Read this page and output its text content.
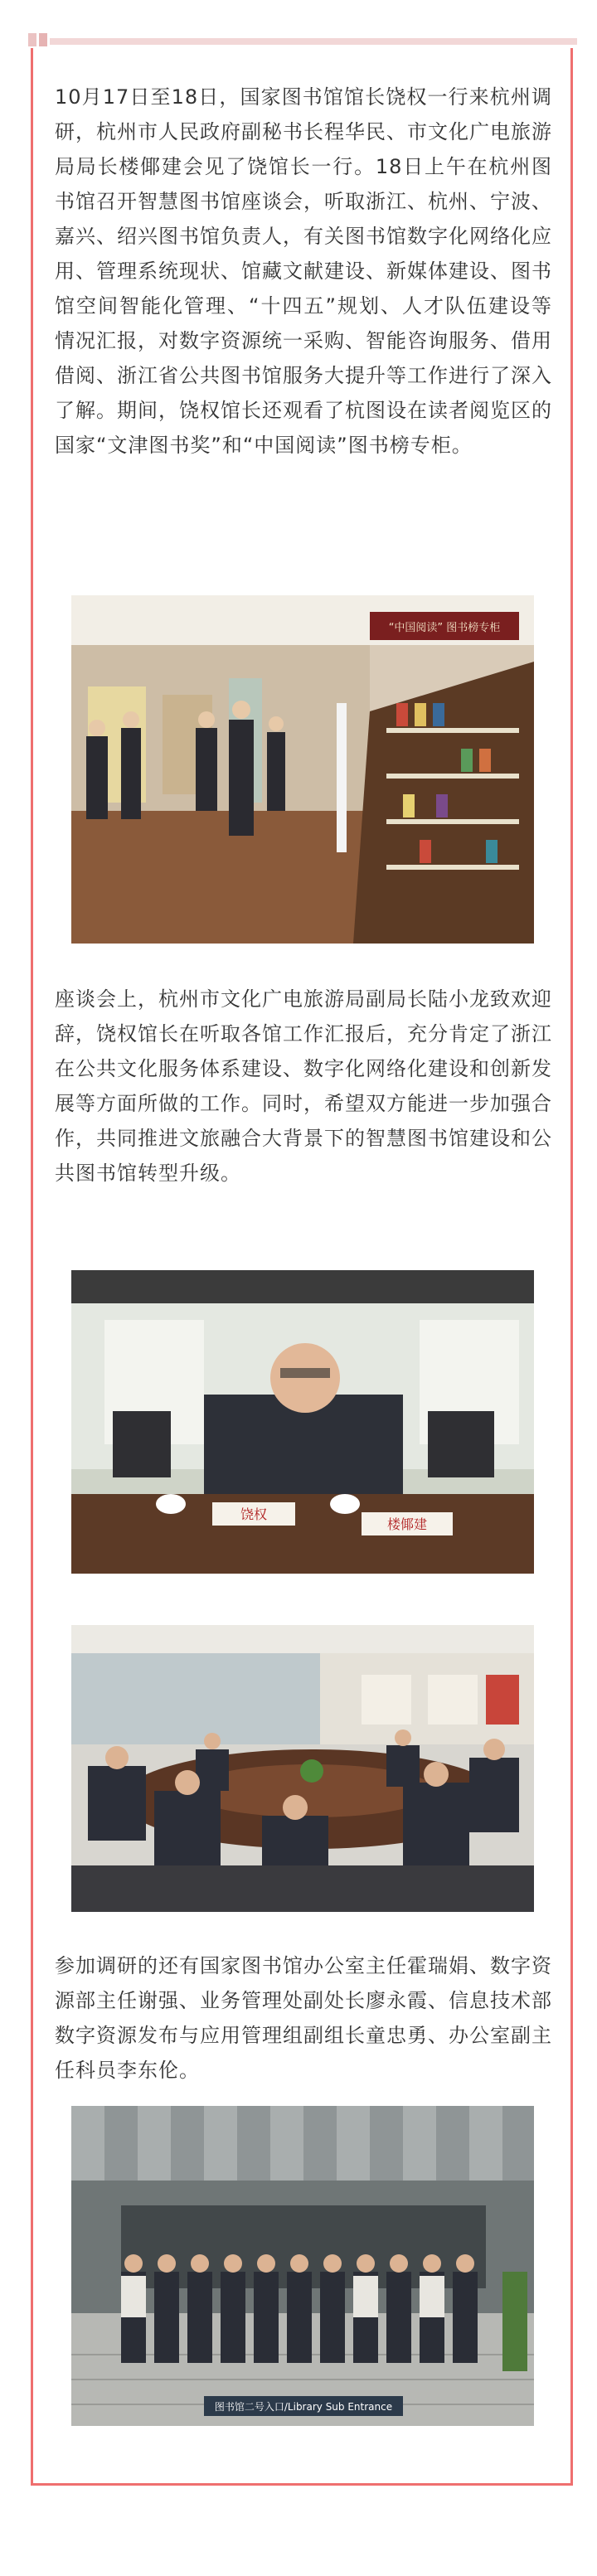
10月17日至18日，国家图书馆馆长饶权一行来杭州调研，杭州市人民政府副秘书长程华民、市文化广电旅游局局长楼倻建会见了饶馆长一行。18日上午在杭州图书馆召开智慧图书馆座谈会，听取浙江、杭州、宁波、嘉兴、绍兴图书馆负责人，有关图书馆数字化网络化应用、管理系统现状、馆藏文献建设、新媒体建设、图书馆空间智能化管理、“十四五”规划、人才队伍建设等情况汇报，对数字资源统一采购、智能咨询服务、借用借阅、浙江省公共图书馆服务大提升等工作进行了深入了解。期间，饶权馆长还观看了杭图设在读者阅览区的国家“文津图书奖”和“中国阅读”图书榜专柜。

“中国阅读” 图书榜专柜

座谈会上，杭州市文化广电旅游局副局长陆小龙致欢迎辞，饶权馆长在听取各馆工作汇报后，充分肯定了浙江在公共文化服务体系建设、数字化网络化建设和创新发展等方面所做的工作。同时，希望双方能进一步加强合作，共同推进文旅融合大背景下的智慧图书馆建设和公共图书馆转型升级。

饶权
楼倻建

参加调研的还有国家图书馆办公室主任霍瑞娟、数字资源部主任谢强、业务管理处副处长廖永霞、信息技术部数字资源发布与应用管理组副组长童忠勇、办公室副主任科员李东伦。

图书馆二号入口/Library Sub Entrance
